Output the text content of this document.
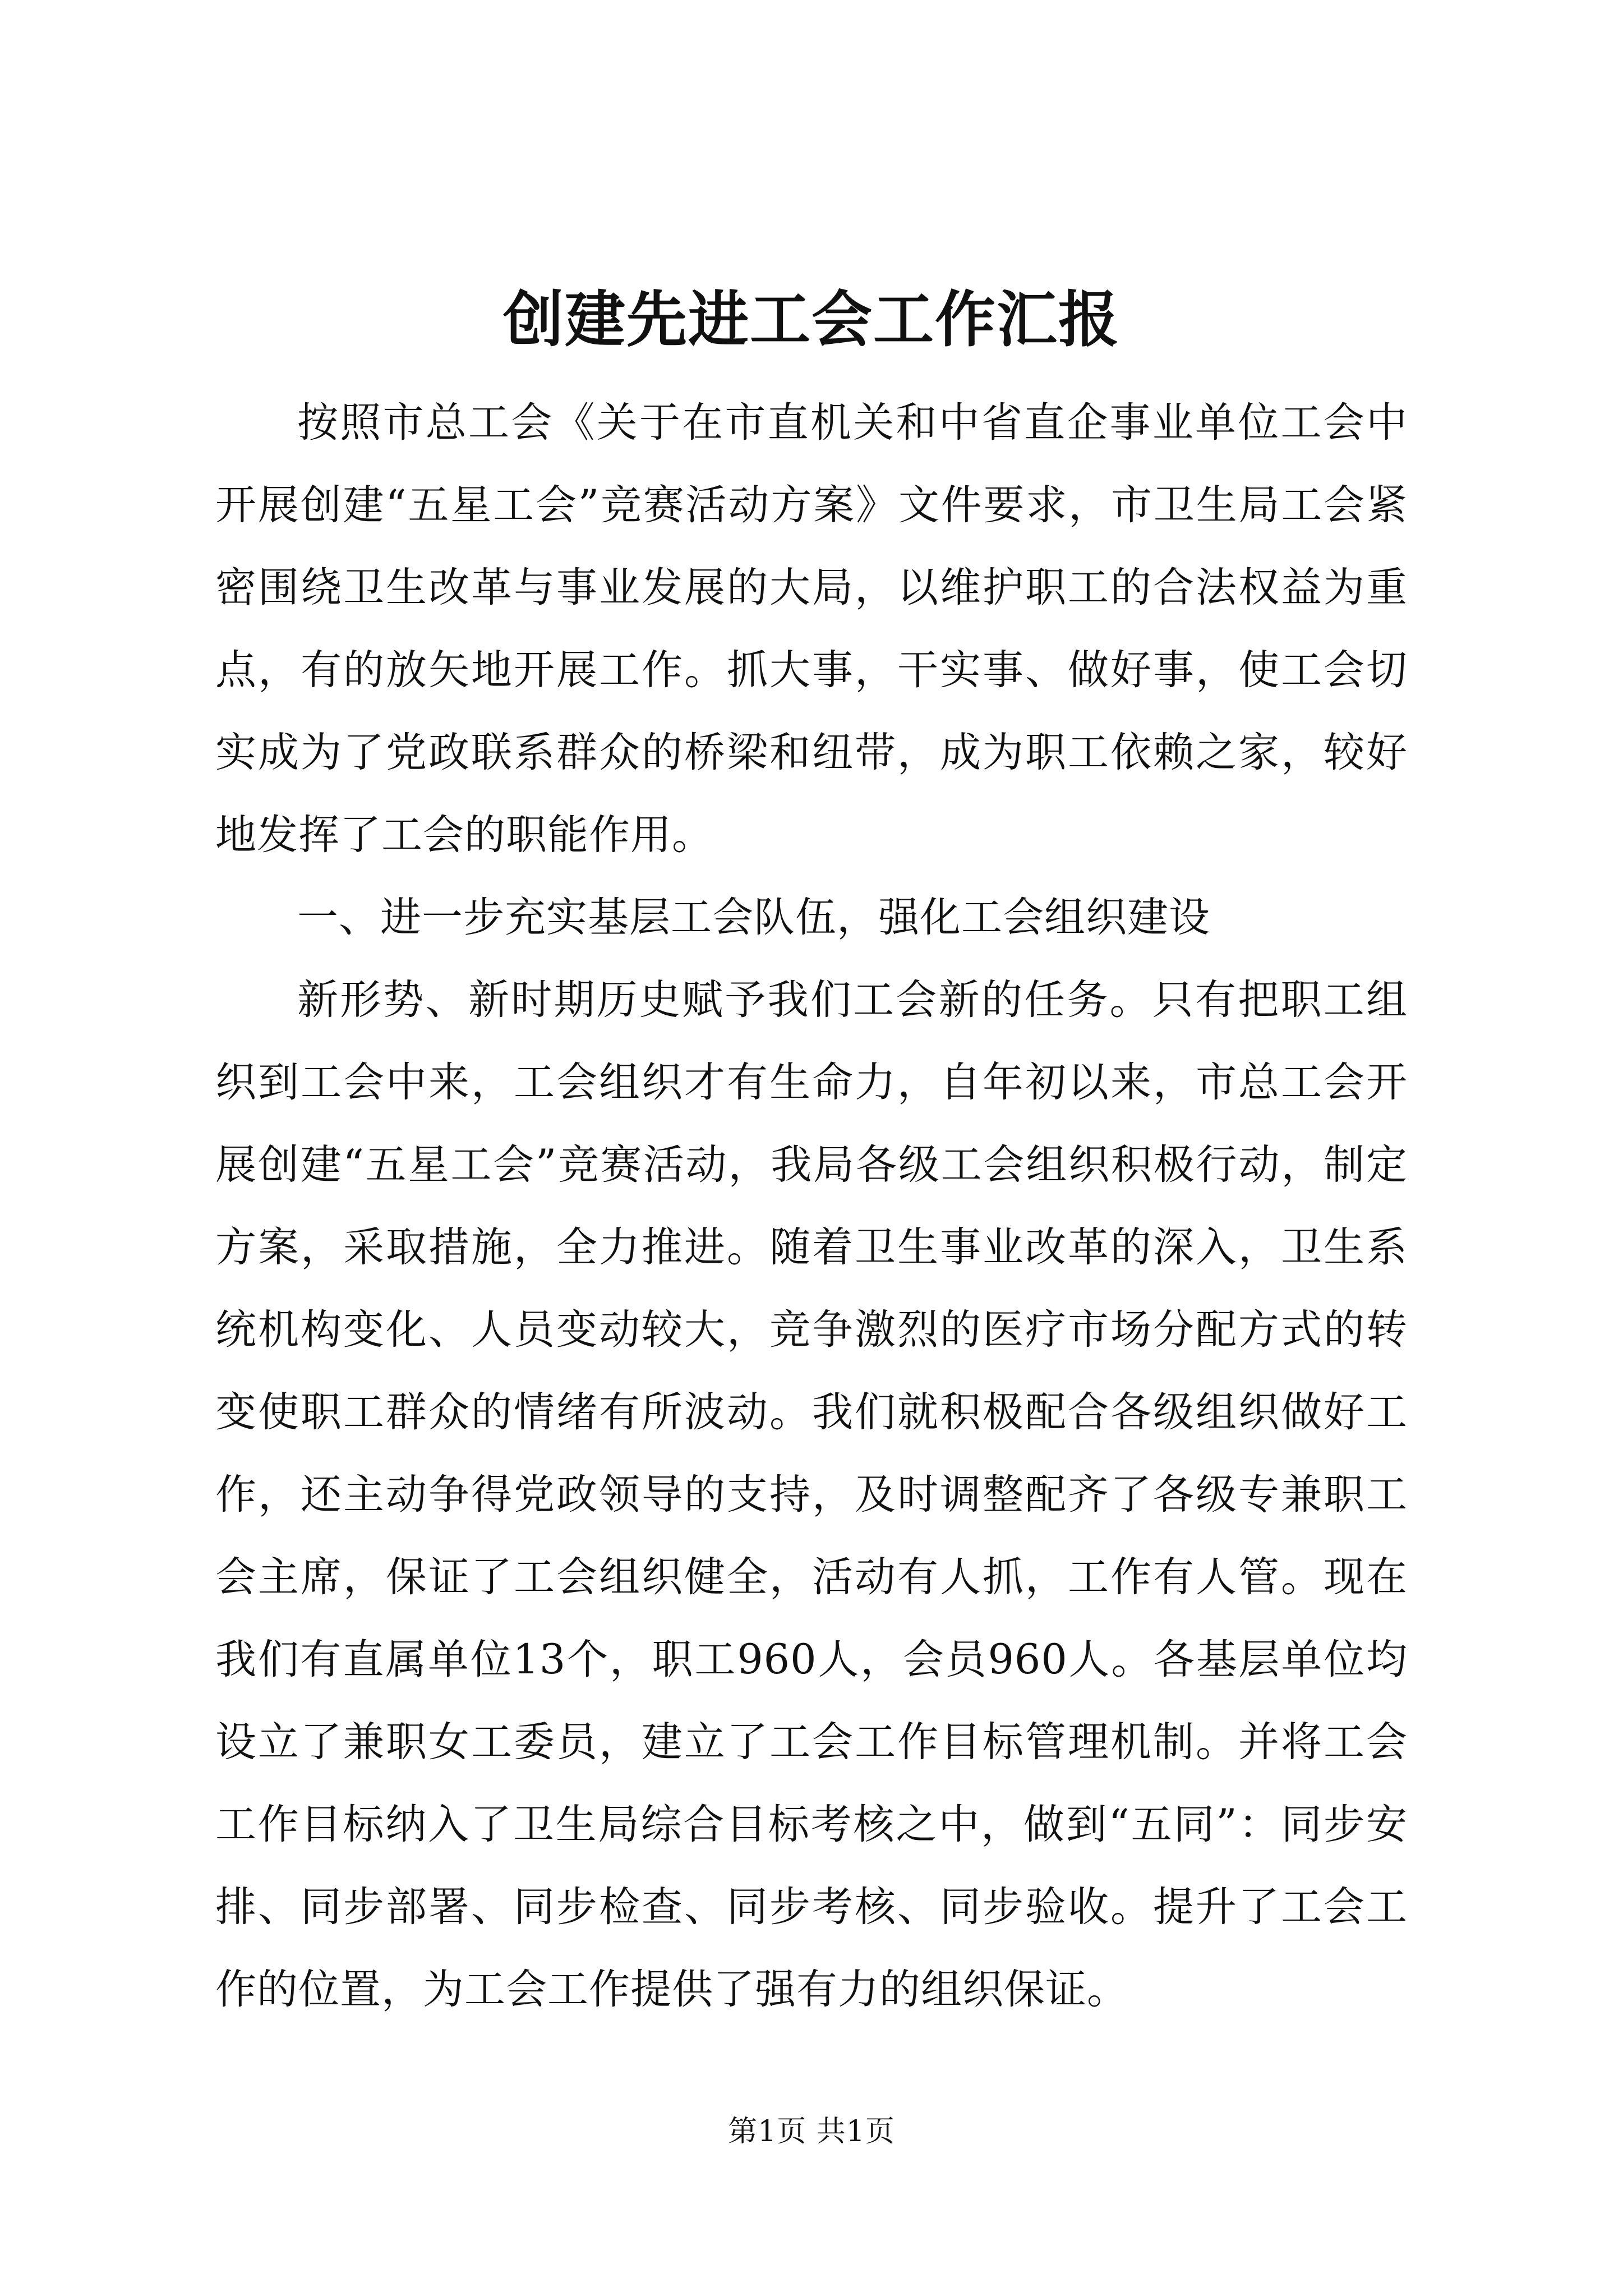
创建先进工会工作汇报

按照市总工会《关于在市直机关和中省直企事业单位工会中开展创建“五星工会”竞赛活动方案》文件要求，市卫生局工会紧密围绕卫生改革与事业发展的大局，以维护职工的合法权益为重点，有的放矢地开展工作。抓大事，干实事、做好事，使工会切实成为了党政联系群众的桥梁和纽带，成为职工依赖之家，较好地发挥了工会的职能作用。

一、进一步充实基层工会队伍，强化工会组织建设

新形势、新时期历史赋予我们工会新的任务。只有把职工组织到工会中来，工会组织才有生命力，自年初以来，市总工会开展创建“五星工会”竞赛活动，我局各级工会组织积极行动，制定方案，采取措施，全力推进。随着卫生事业改革的深入，卫生系统机构变化、人员变动较大，竞争激烈的医疗市场分配方式的转变使职工群众的情绪有所波动。我们就积极配合各级组织做好工作，还主动争得党政领导的支持，及时调整配齐了各级专兼职工会主席，保证了工会组织健全，活动有人抓，工作有人管。现在我们有直属单位13个，职工960人，会员960人。各基层单位均设立了兼职女工委员，建立了工会工作目标管理机制。并将工会工作目标纳入了卫生局综合目标考核之中，做到“五同”：同步安排、同步部署、同步检查、同步考核、同步验收。提升了工会工作的位置，为工会工作提供了强有力的组织保证。

第1页 共1页
